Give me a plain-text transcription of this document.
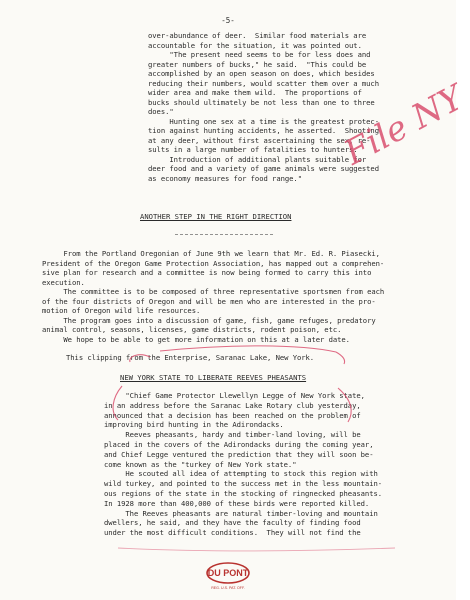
-5-
over-abundance of deer.  Similar food materials are
accountable for the situation, it was pointed out.
"The present need seems to be for less does and
greater numbers of bucks," he said.  "This could be
accomplished by an open season on does, which besides
reducing their numbers, would scatter them over a much
wider area and make them wild.  The proportions of
bucks should ultimately be not less than one to three
does."
Hunting one sex at a time is the greatest protec-
tion against hunting accidents, he asserted.  Shooting
at any deer, without first ascertaining the sex, re-
sults in a large number of fatalities to hunters.
Introduction of additional plants suitable for
deer food and a variety of game animals were suggested
as economy measures for food range."
ANOTHER STEP IN THE RIGHT DIRECTION
From the Portland Oregonian of June 9th we learn that Mr. Ed. R. Piasecki,
President of the Oregon Game Protection Association, has mapped out a comprehen-
sive plan for research and a committee is now being formed to carry this into
execution.
The committee is to be composed of three representative sportsmen from each
of the four districts of Oregon and will be men who are interested in the pro-
motion of Oregon wild life resources.
The program goes into a discussion of game, fish, game refuges, predatory
animal control, seasons, licenses, game districts, rodent poison, etc.
We hope to be able to get more information on this at a later date.
This clipping from the Enterprise, Saranac Lake, New York.
NEW YORK STATE TO LIBERATE REEVES PHEASANTS
"Chief Game Protector Llewellyn Legge of New York state,
in an address before the Saranac Lake Rotary club yesterday,
announced that a decision has been reached on the problem of
improving bird hunting in the Adirondacks.
Reeves pheasants, hardy and timber-land loving, will be
placed in the covers of the Adirondacks during the coming year,
and Chief Legge ventured the prediction that they will soon be-
come known as the "turkey of New York state."
He scouted all idea of attempting to stock this region with
wild turkey, and pointed to the success met in the less mountain-
ous regions of the state in the stocking of ringnecked pheasants.
In 1928 more than 400,000 of these birds were reported killed.
The Reeves pheasants are natural timber-loving and mountain
dwellers, he said, and they have the faculty of finding food
under the most difficult conditions.  They will not find the
File NY
DU PONT
REG. U.S. PAT. OFF.
